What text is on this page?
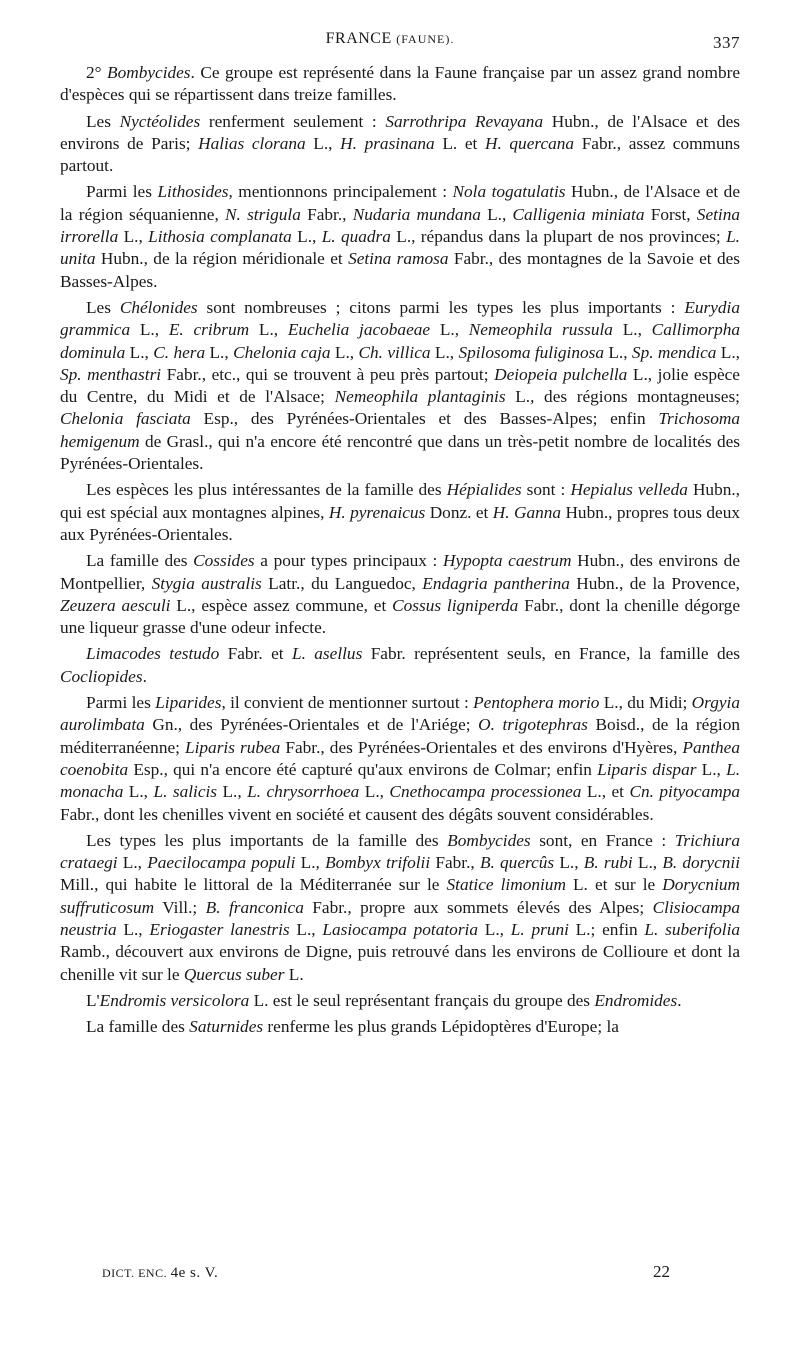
FRANCE (FAUNE).	337

2° Bombycides. Ce groupe est représenté dans la Faune française par un assez grand nombre d'espèces qui se répartissent dans treize familles.

Les Nyctéolides renferment seulement : Sarrothripa Revayana Hubn., de l'Alsace et des environs de Paris; Halias clorana L., H. prasinana L. et H. quercana Fabr., assez communs partout.

Parmi les Lithosides, mentionnons principalement : Nola togatulatis Hubn., de l'Alsace et de la région séquanienne, N. strigula Fabr., Nudaria mundana L., Calligenia miniata Forst, Setina irrorella L., Lithosia complanata L., L. quadra L., répandus dans la plupart de nos provinces; L. unita Hubn., de la région méridionale et Setina ramosa Fabr., des montagnes de la Savoie et des Basses-Alpes.

Les Chélonides sont nombreuses ; citons parmi les types les plus importants : Eurydia grammica L., E. cribrum L., Euchelia jacobaeae L., Nemeophila russula L., Callimorpha dominula L., C. hera L., Chelonia caja L., Ch. villica L., Spilosoma fuliginosa L., Sp. mendica L., Sp. menthastri Fabr., etc., qui se trouvent à peu près partout; Deiopeia pulchella L., jolie espèce du Centre, du Midi et de l'Alsace; Nemeophila plantaginis L., des régions montagneuses; Chelonia fasciata Esp., des Pyrénées-Orientales et des Basses-Alpes; enfin Trichosoma hemigenum de Grasl., qui n'a encore été rencontré que dans un très-petit nombre de localités des Pyrénées-Orientales.

Les espèces les plus intéressantes de la famille des Hépialides sont : Hepialus velleda Hubn., qui est spécial aux montagnes alpines, H. pyrenaicus Donz. et H. Ganna Hubn., propres tous deux aux Pyrénées-Orientales.

La famille des Cossides a pour types principaux : Hypopta caestrum Hubn., des environs de Montpellier, Stygia australis Latr., du Languedoc, Endagria pantherina Hubn., de la Provence, Zeuzera aesculi L., espèce assez commune, et Cossus ligniperda Fabr., dont la chenille dégorge une liqueur grasse d'une odeur infecte.

Limacodes testudo Fabr. et L. asellus Fabr. représentent seuls, en France, la famille des Cocliopides.

Parmi les Liparides, il convient de mentionner surtout : Pentophera morio L., du Midi; Orgyia aurolimbata Gn., des Pyrénées-Orientales et de l'Ariége; O. trigotephras Boisd., de la région méditerranéenne; Liparis rubea Fabr., des Pyrénées-Orientales et des environs d'Hyères, Panthea coenobita Esp., qui n'a encore été capturé qu'aux environs de Colmar; enfin Liparis dispar L., L. monacha L., L. salicis L., L. chrysorrhoea L., Cnethocampa processionea L., et Cn. pityocampa Fabr., dont les chenilles vivent en société et causent des dégâts souvent considérables.

Les types les plus importants de la famille des Bombycides sont, en France : Trichiura crataegi L., Paecilocampa populi L., Bombyx trifolii Fabr., B. quercûs L., B. rubi L., B. dorycnii Mill., qui habite le littoral de la Méditerranée sur le Statice limonium L. et sur le Dorycnium suffruticosum Vill.; B. franconica Fabr., propre aux sommets élevés des Alpes; Clisiocampa neustria L., Eriogaster lanestris L., Lasiocampa potatoria L., L. pruni L.; enfin L. suberifolia Ramb., découvert aux environs de Digne, puis retrouvé dans les environs de Collioure et dont la chenille vit sur le Quercus suber L.

L'Endromis versicolora L. est le seul représentant français du groupe des Endromides.

La famille des Saturnides renferme les plus grands Lépidoptères d'Europe; la

DICT. ENC. 4e s. V.	22
